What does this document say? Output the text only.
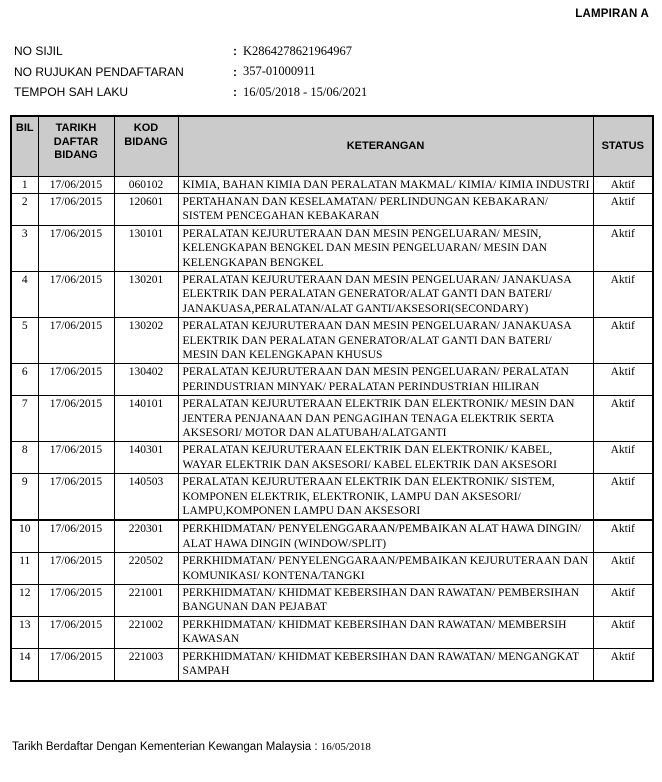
LAMPIRAN A
NO SIJIL	: K2864278621964967
NO RUJUKAN PENDAFTARAN	: 357-01000911
TEMPOH SAH LAKU	: 16/05/2018 - 15/06/2021
BIL	TARIKH DAFTAR BIDANG	KOD BIDANG	KETERANGAN	STATUS
1	17/06/2015	060102	KIMIA, BAHAN KIMIA DAN PERALATAN MAKMAL/ KIMIA/ KIMIA INDUSTRI	Aktif
2	17/06/2015	120601	PERTAHANAN DAN KESELAMATAN/ PERLINDUNGAN KEBAKARAN/ SISTEM PENCEGAHAN KEBAKARAN	Aktif
3	17/06/2015	130101	PERALATAN KEJURUTERAAN DAN MESIN PENGELUARAN/ MESIN, KELENGKAPAN BENGKEL DAN MESIN PENGELUARAN/ MESIN DAN KELENGKAPAN BENGKEL	Aktif
4	17/06/2015	130201	PERALATAN KEJURUTERAAN DAN MESIN PENGELUARAN/ JANAKUASA ELEKTRIK DAN PERALATAN GENERATOR/ALAT GANTI DAN BATERI/ JANAKUASA,PERALATAN/ALAT GANTI/AKSESORI(SECONDARY)	Aktif
5	17/06/2015	130202	PERALATAN KEJURUTERAAN DAN MESIN PENGELUARAN/ JANAKUASA ELEKTRIK DAN PERALATAN GENERATOR/ALAT GANTI DAN BATERI/ MESIN DAN KELENGKAPAN KHUSUS	Aktif
6	17/06/2015	130402	PERALATAN KEJURUTERAAN DAN MESIN PENGELUARAN/ PERALATAN PERINDUSTRIAN MINYAK/ PERALATAN PERINDUSTRIAN HILIRAN	Aktif
7	17/06/2015	140101	PERALATAN KEJURUTERAAN ELEKTRIK DAN ELEKTRONIK/ MESIN DAN JENTERA PENJANAAN DAN PENGAGIHAN TENAGA ELEKTRIK SERTA AKSESORI/ MOTOR DAN ALATUBAH/ALATGANTI	Aktif
8	17/06/2015	140301	PERALATAN KEJURUTERAAN ELEKTRIK DAN ELEKTRONIK/ KABEL, WAYAR ELEKTRIK DAN AKSESORI/ KABEL ELEKTRIK DAN AKSESORI	Aktif
9	17/06/2015	140503	PERALATAN KEJURUTERAAN ELEKTRIK DAN ELEKTRONIK/ SISTEM, KOMPONEN ELEKTRIK, ELEKTRONIK, LAMPU DAN AKSESORI/ LAMPU,KOMPONEN LAMPU DAN AKSESORI	Aktif
10	17/06/2015	220301	PERKHIDMATAN/ PENYELENGGARAAN/PEMBAIKAN ALAT HAWA DINGIN/ ALAT HAWA DINGIN (WINDOW/SPLIT)	Aktif
11	17/06/2015	220502	PERKHIDMATAN/ PENYELENGGARAAN/PEMBAIKAN KEJURUTERAAN DAN KOMUNIKASI/ KONTENA/TANGKI	Aktif
12	17/06/2015	221001	PERKHIDMATAN/ KHIDMAT KEBERSIHAN DAN RAWATAN/ PEMBERSIHAN BANGUNAN DAN PEJABAT	Aktif
13	17/06/2015	221002	PERKHIDMATAN/ KHIDMAT KEBERSIHAN DAN RAWATAN/ MEMBERSIH KAWASAN	Aktif
14	17/06/2015	221003	PERKHIDMATAN/ KHIDMAT KEBERSIHAN DAN RAWATAN/ MENGANGKAT SAMPAH	Aktif
Tarikh Berdaftar Dengan Kementerian Kewangan Malaysia : 16/05/2018
